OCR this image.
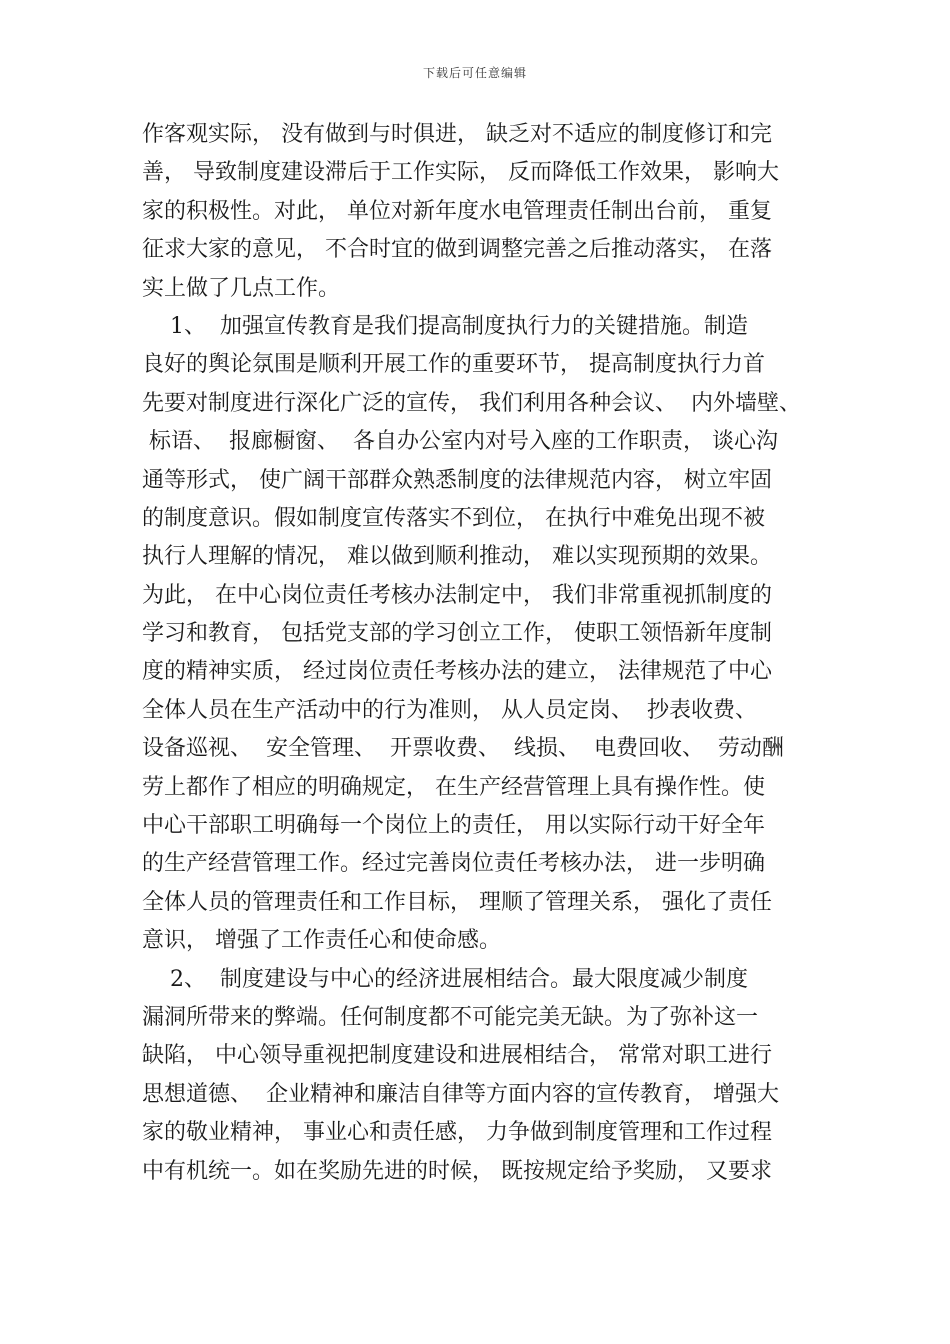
下载后可任意编辑
作客观实际， 没有做到与时俱进， 缺乏对不适应的制度修订和完
善， 导致制度建设滞后于工作实际， 反而降低工作效果， 影响大
家的积极性。对此， 单位对新年度水电管理责任制出台前， 重复
征求大家的意见， 不合时宜的做到调整完善之后推动落实， 在落
实上做了几点工作。
1、  加强宣传教育是我们提高制度执行力的关键措施。制造
良好的舆论氛围是顺利开展工作的重要环节， 提高制度执行力首
先要对制度进行深化广泛的宣传， 我们利用各种会议、  内外墙壁、
标语、  报廊橱窗、  各自办公室内对号入座的工作职责， 谈心沟
通等形式， 使广阔干部群众熟悉制度的法律规范内容， 树立牢固
的制度意识。假如制度宣传落实不到位， 在执行中难免出现不被
执行人理解的情况， 难以做到顺利推动， 难以实现预期的效果。
为此， 在中心岗位责任考核办法制定中， 我们非常重视抓制度的
学习和教育， 包括党支部的学习创立工作， 使职工领悟新年度制
度的精神实质， 经过岗位责任考核办法的建立， 法律规范了中心
全体人员在生产活动中的行为准则， 从人员定岗、  抄表收费、
设备巡视、  安全管理、  开票收费、  线损、  电费回收、  劳动酬
劳上都作了相应的明确规定， 在生产经营管理上具有操作性。使
中心干部职工明确每一个岗位上的责任， 用以实际行动干好全年
的生产经营管理工作。经过完善岗位责任考核办法， 进一步明确
全体人员的管理责任和工作目标， 理顺了管理关系， 强化了责任
意识， 增强了工作责任心和使命感。
2、  制度建设与中心的经济进展相结合。最大限度减少制度
漏洞所带来的弊端。任何制度都不可能完美无缺。为了弥补这一
缺陷， 中心领导重视把制度建设和进展相结合， 常常对职工进行
思想道德、  企业精神和廉洁自律等方面内容的宣传教育， 增强大
家的敬业精神， 事业心和责任感， 力争做到制度管理和工作过程
中有机统一。如在奖励先进的时候， 既按规定给予奖励， 又要求
